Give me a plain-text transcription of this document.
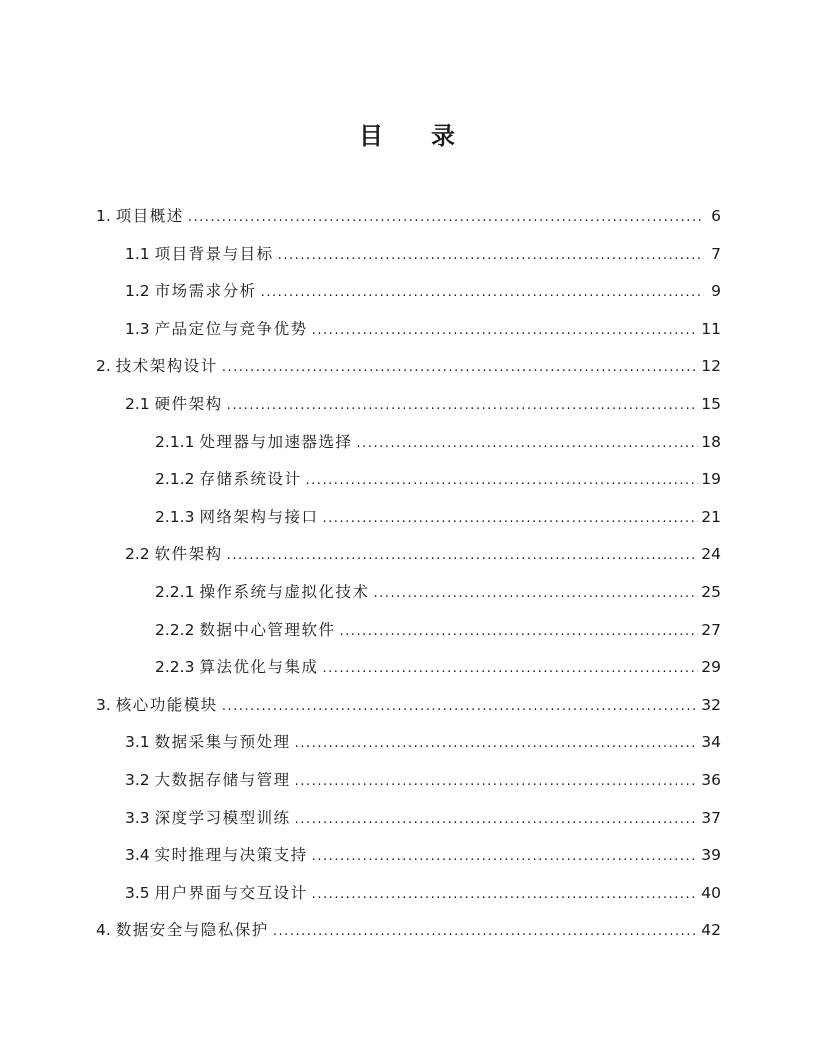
目 录
1. 项目概述 . . .	6
1.1 项目背景与目标 . . .	7
1.2 市场需求分析 . . .	9
1.3 产品定位与竞争优势 . . .	11
2. 技术架构设计 . . .	12
2.1 硬件架构 . . .	15
2.1.1 处理器与加速器选择 . . .	18
2.1.2 存储系统设计 . . .	19
2.1.3 网络架构与接口 . . .	21
2.2 软件架构 . . .	24
2.2.1 操作系统与虚拟化技术 . . .	25
2.2.2 数据中心管理软件 . . .	27
2.2.3 算法优化与集成 . . .	29
3. 核心功能模块 . . .	32
3.1 数据采集与预处理 . . .	34
3.2 大数据存储与管理 . . .	36
3.3 深度学习模型训练 . . .	37
3.4 实时推理与决策支持 . . .	39
3.5 用户界面与交互设计 . . .	40
4. 数据安全与隐私保护 . . .	42
